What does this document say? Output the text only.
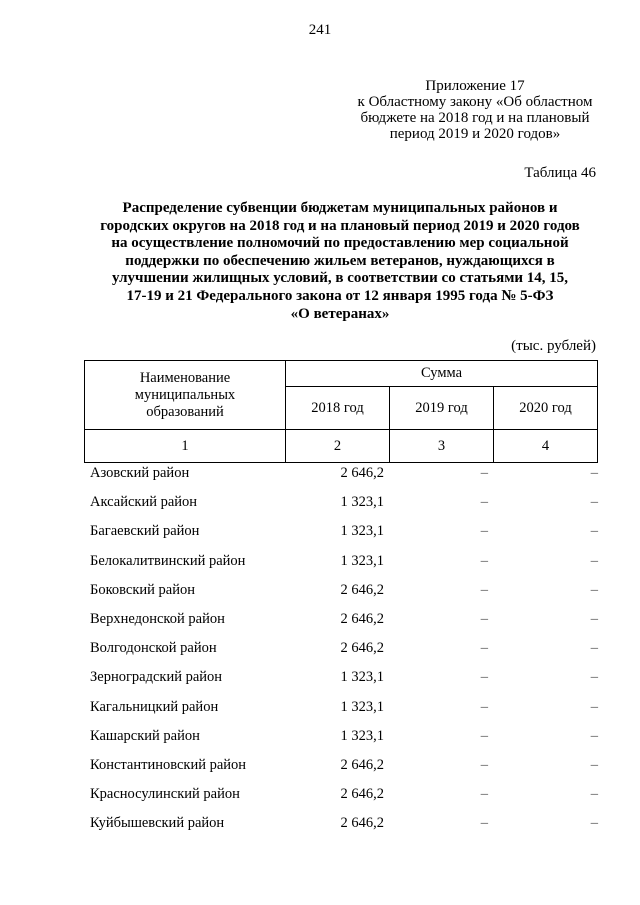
241
Приложение 17
к Областному закону «Об областном
бюджете на 2018 год и на плановый
период 2019 и 2020 годов»
Таблица 46
Распределение субвенции бюджетам муниципальных районов и
городских округов на 2018 год и на плановый период 2019 и 2020 годов
на осуществление полномочий по предоставлению мер социальной
поддержки по обеспечению жильем ветеранов, нуждающихся в
улучшении жилищных условий, в соответствии со статьями 14, 15,
17-19 и 21 Федерального закона от 12 января 1995 года № 5-ФЗ
«О ветеранах»
(тыс. рублей)
Наименование
муниципальных
образований	Сумма		
	2018 год	2019 год	2020 год
1	2	3	4
Азовский район	2 646,2	–	–
Аксайский район	1 323,1	–	–
Багаевский район	1 323,1	–	–
Белокалитвинский район	1 323,1	–	–
Боковский район	2 646,2	–	–
Верхнедонской район	2 646,2	–	–
Волгодонской район	2 646,2	–	–
Зерноградский район	1 323,1	–	–
Кагальницкий район	1 323,1	–	–
Кашарский район	1 323,1	–	–
Константиновский район	2 646,2	–	–
Красносулинский район	2 646,2	–	–
Куйбышевский район	2 646,2	–	–
